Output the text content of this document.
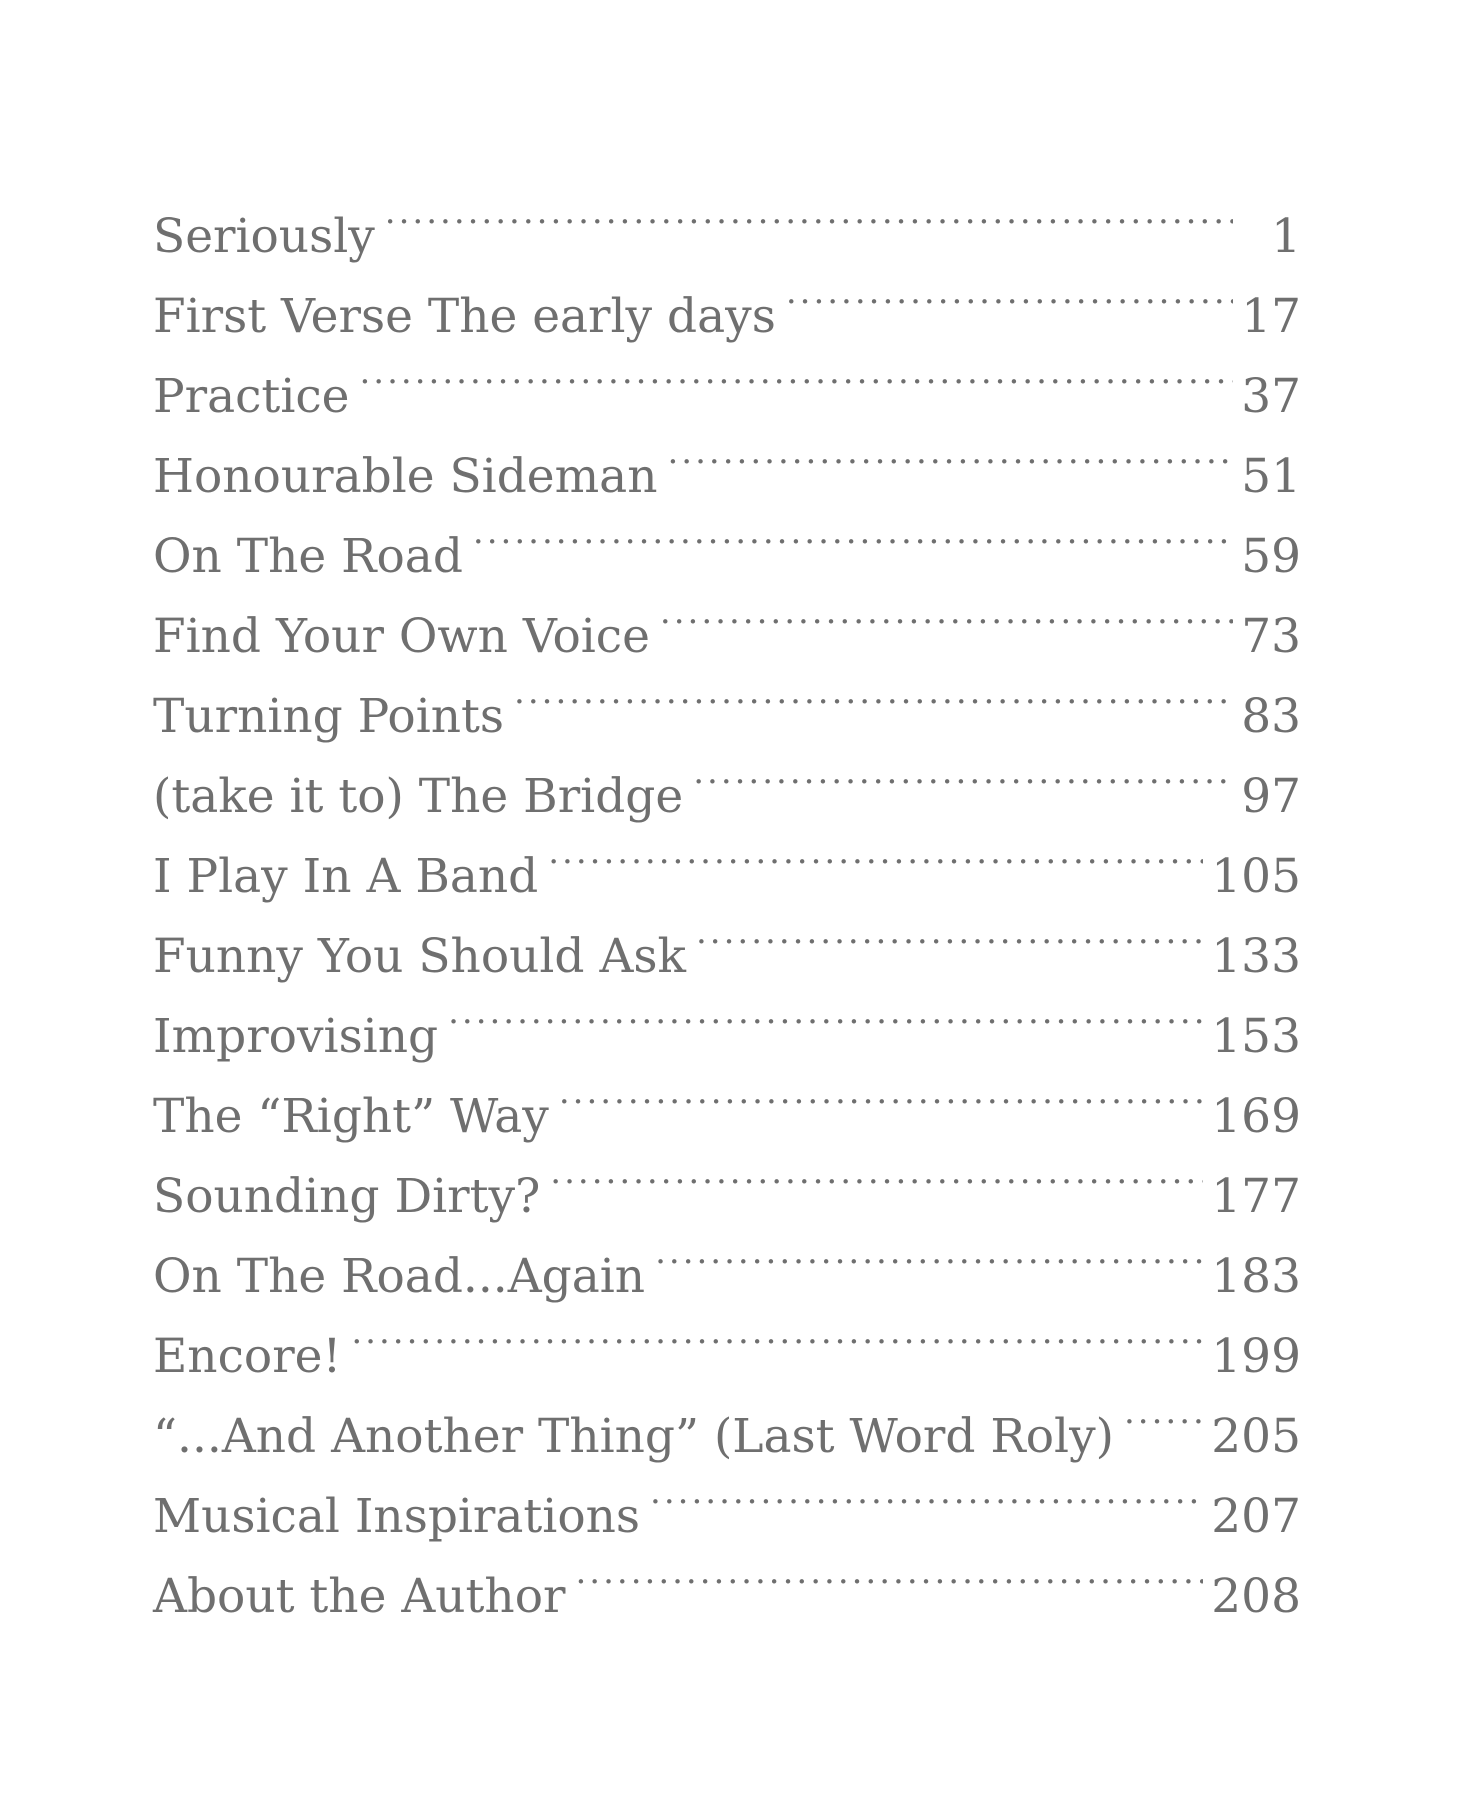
Seriously .....	1
First Verse The early days .....	17
Practice .....	37
Honourable Sideman .....	51
On The Road .....	59
Find Your Own Voice .....	73
Turning Points .....	83
(take it to) The Bridge .....	97
I Play In A Band .....	105
Funny You Should Ask .....	133
Improvising .....	153
The “Right” Way .....	169
Sounding Dirty? .....	177
On The Road...Again .....	183
Encore! .....	199
“...And Another Thing” (Last Word Roly) ..... 205
Musical Inspirations .....	207
About the Author .....	208
